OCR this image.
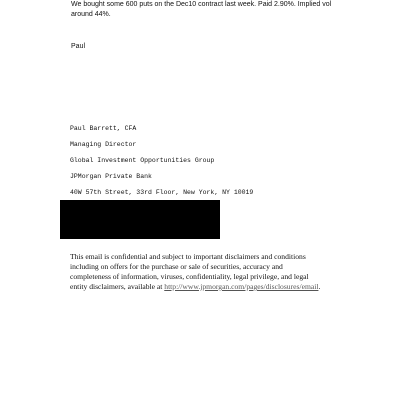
We bought some 600 puts on the Dec10 contract last week. Paid 2.90%. Implied vol
around 44%.
Paul
Paul Barrett, CFA
Managing Director
Global Investment Opportunities Group
JPMorgan Private Bank
40W 57th Street, 33rd Floor, New York, NY 10019
This email is confidential and subject to important disclaimers and conditions
including on offers for the purchase or sale of securities, accuracy and
completeness of information, viruses, confidentiality, legal privilege, and legal
entity disclaimers, available at http://www.jpmorgan.com/pages/disclosures/email.
